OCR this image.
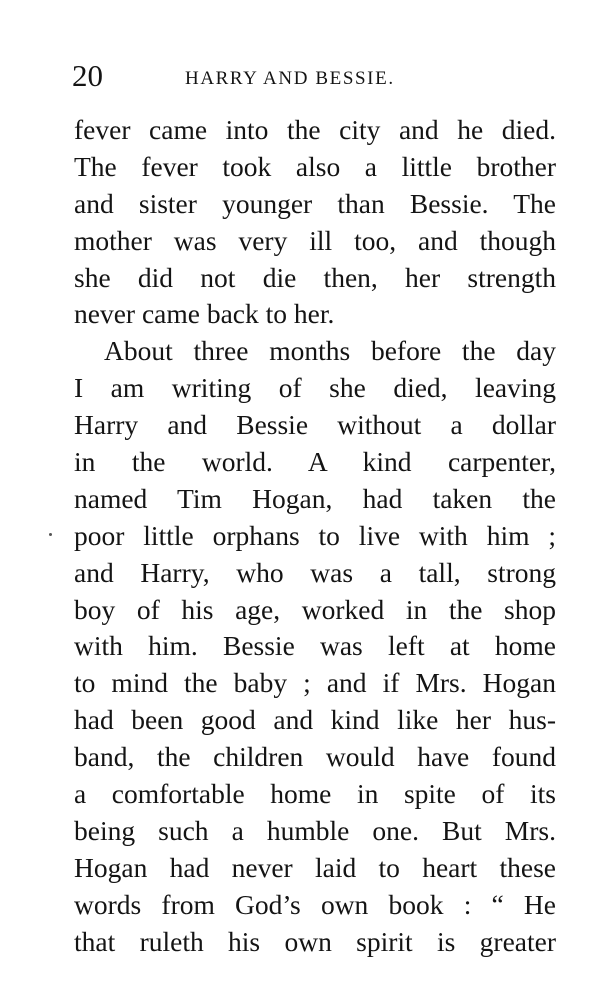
20	HARRY AND BESSIE.
fever came into the city and he died.
The fever took also a little brother
and sister younger than Bessie. The
mother was very ill too, and though
she did not die then, her strength
never came back to her.
About three months before the day
I am writing of she died, leaving
Harry and Bessie without a dollar
in the world. A kind carpenter,
named Tim Hogan, had taken the
poor little orphans to live with him ;
and Harry, who was a tall, strong
boy of his age, worked in the shop
with him. Bessie was left at home
to mind the baby ; and if Mrs. Hogan
had been good and kind like her hus-
band, the children would have found
a comfortable home in spite of its
being such a humble one. But Mrs.
Hogan had never laid to heart these
words from God’s own book : “ He
that ruleth his own spirit is greater
